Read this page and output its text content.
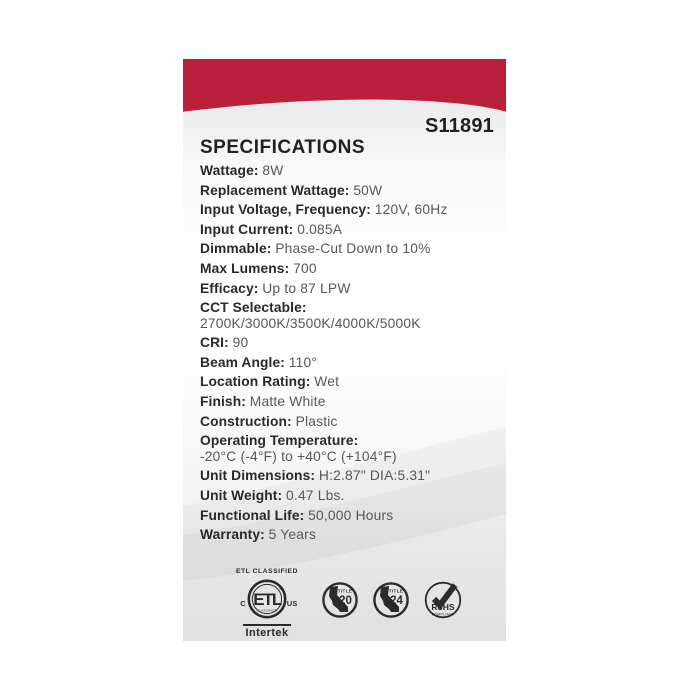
S11891
SPECIFICATIONS
Wattage: 8W
Replacement Wattage: 50W
Input Voltage, Frequency: 120V, 60Hz
Input Current: 0.085A
Dimmable: Phase-Cut Down to 10%
Max Lumens: 700
Efficacy: Up to 87 LPW
CCT Selectable:
2700K/3000K/3500K/4000K/5000K
CRI: 90
Beam Angle: 110°
Location Rating: Wet
Finish: Matte White
Construction: Plastic
Operating Temperature:
-20°C (-4°F) to +40°C (+104°F)
Unit Dimensions: H:2.87" DIA:5.31"
Unit Weight: 0.47 Lbs.
Functional Life: 50,000 Hours
Warranty: 5 Years
ETL CLASSIFIED
ETL
®
CLASSIFIED
C	US
Intertek
TITLE
20
TITLE
24	RoHS
COMPLIANT
